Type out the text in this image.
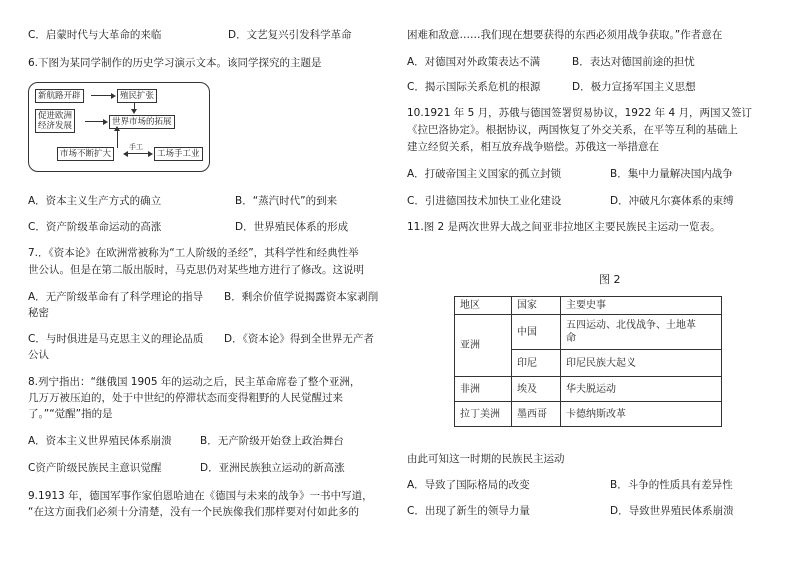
C．启蒙时代与大革命的来临	D．文艺复兴引发科学革命
6.下图为某同学制作的历史学习演示文本。该同学探究的主题是
新航路开辟	殖民扩张
促进欧洲
经济发展	世界市场的拓展
市场不断扩大
手工
工场手工业
A．资本主义生产方式的确立	B．“蒸汽时代”的到来
C．资产阶级革命运动的高涨	D．世界殖民体系的形成
7.．《资本论》在欧洲常被称为“工人阶级的圣经”，其科学性和经典性举
世公认。但是在第二版出版时，马克思仍对某些地方进行了修改。这说明
A．无产阶级革命有了科学理论的指导 B．剩余价值学说揭露资本家剥削
秘密
C．与时俱进是马克思主义的理论品质 D．《资本论》得到全世界无产者
公认
8.列宁指出：“继俄国 1905 年的运动之后，民主革命席卷了整个亚洲，
几万万被压迫的，处于中世纪的停滞状态而变得粗野的人民觉醒过来
了。”“觉醒”指的是
A．资本主义世界殖民体系崩溃	B．无产阶级开始登上政治舞台
C资产阶级民族民主意识觉醒	D．亚洲民族独立运动的新高涨
9.1913 年，德国军事作家伯恩哈迪在《德国与未来的战争》一书中写道，
“在这方面我们必须十分清楚，没有一个民族像我们那样要对付如此多的
困难和敌意……我们现在想要获得的东西必须用战争获取。”作者意在
A．对德国对外政策表达不满	B．表达对德国前途的担忧
C．揭示国际关系危机的根源	D．极力宣扬军国主义思想
10.1921 年 5 月，苏俄与德国签署贸易协议，1922 年 4 月，两国又签订
《拉巴洛协定》。根据协议，两国恢复了外交关系，在平等互利的基础上
建立经贸关系，相互放弃战争赔偿。苏俄这一举措意在
A．打破帝国主义国家的孤立封锁	B．集中力量解决国内战争
C．引进德国技术加快工业化建设	D．冲破凡尔赛体系的束缚
11.图 2 是两次世界大战之间亚非拉地区主要民族民主运动一览表。
图 2
地区	国家	主要史事
亚洲	中国	五四运动、北伐战争、土地革
命

	印尼	印尼民族大起义
非洲	埃及	华夫脱运动
拉丁美洲	墨西哥	卡德纳斯改革
由此可知这一时期的民族民主运动
A．导致了国际格局的改变	B．斗争的性质具有差异性
C．出现了新生的领导力量	D．导致世界殖民体系崩溃
